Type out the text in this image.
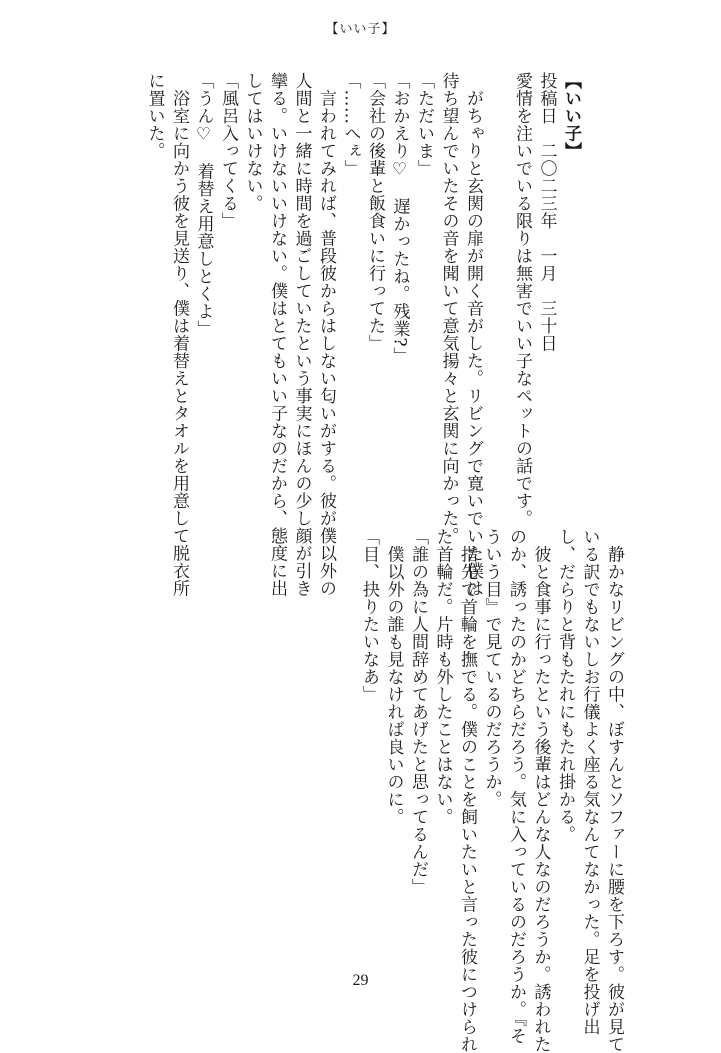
【いい子】
【いい子】
投稿日　二〇二三年　一月　三十日
愛情を注いでいる限りは無害でいい子なペットの話です。
　がちゃりと玄関の扉が開く音がした。リビングで寛いでいた僕は
待ち望んでいたその音を聞いて意気揚々と玄関に向かった。
「ただいま」
「おかえり♡　遅かったね。残業?」
「会社の後輩と飯食いに行ってた」
「……へぇ」
　言われてみれば、普段彼からはしない匂いがする。彼が僕以外の
人間と一緒に時間を過ごしていたという事実にほんの少し顔が引き
攣る。いけないいけない。僕はとてもいい子なのだから、態度に出
してはいけない。
「風呂入ってくる」
「うん♡　着替え用意しとくよ」
　浴室に向かう彼を見送り、僕は着替えとタオルを用意して脱衣所
に置いた。
　静かなリビングの中、ぼすんとソファーに腰を下ろす。彼が見て
いる訳でもないしお行儀よく座る気なんてなかった。足を投げ出
し、だらりと背もたれにもたれ掛かる。
　彼と食事に行ったという後輩はどんな人なのだろうか。誘われた
のか、誘ったのかどちらだろう。気に入っているのだろうか。『そ
ういう目』で見ているのだろうか。
　指先で首輪を撫でる。僕のことを飼いたいと言った彼につけられ
た首輪だ。片時も外したことはない。
「誰の為に人間辞めてあげたと思ってるんだ」
　僕以外の誰も見なければ良いのに。
「目、抉りたいなあ」
29
